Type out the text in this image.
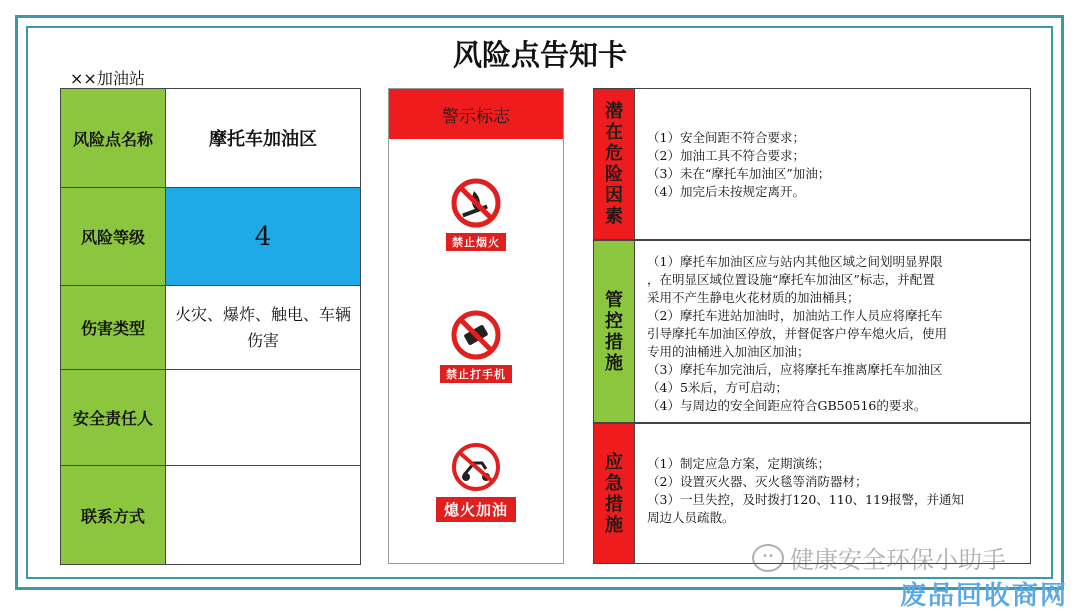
风险点告知卡
××加油站
风险点名称	摩托车加油区
风险等级	4
伤害类型	火灾、爆炸、触电、车辆伤害
安全责任人	
联系方式	
警示标志
禁止烟火
禁止打手机
熄火加油
潜在危险因素
（1）安全间距不符合要求；
（2）加油工具不符合要求；
（3）未在“摩托车加油区”加油；
（4）加完后未按规定离开。
管控措施
（1）摩托车加油区应与站内其他区域之间划明显界限
，在明显区域位置设施“摩托车加油区”标志，并配置
采用不产生静电火花材质的加油桶具；
（2）摩托车进站加油时，加油站工作人员应将摩托车
引导摩托车加油区停放，并督促客户停车熄火后，使用
专用的油桶进入加油区加油；
（3）摩托车加完油后，应将摩托车推离摩托车加油区
（4）5米后，方可启动；
（4）与周边的安全间距应符合GB50516的要求。
应急措施
（1）制定应急方案，定期演练；
（2）设置灭火器、灭火毯等消防器材；
（3）一旦失控，及时拨打120、110、119报警，并通知
周边人员疏散。
•• 健康安全环保小助手
废品回收商网
